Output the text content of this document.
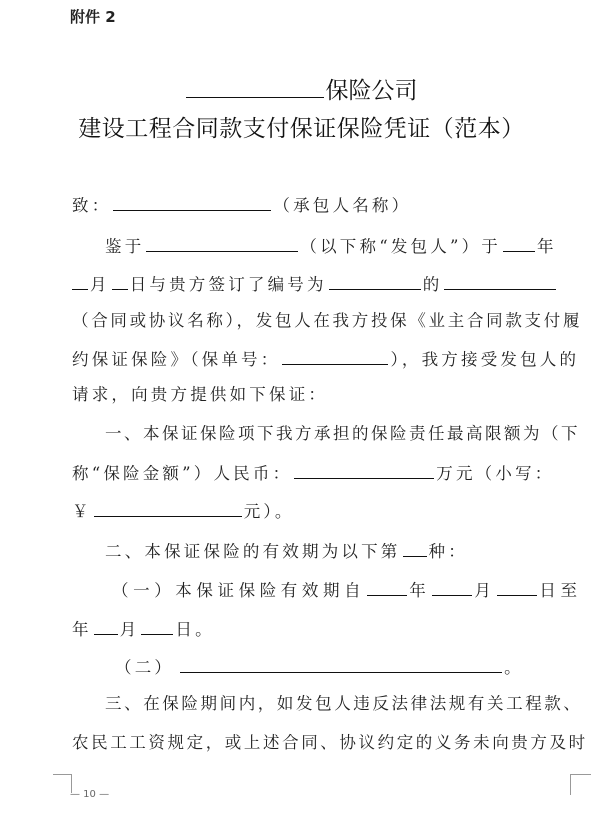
附件 2
保险公司
建设工程合同款支付保证保险凭证（范本）
致：	（承包人名称）
鉴于	（以下称“发包人”）于 年
月 日与贵方签订了编号为	的
（合同或协议名称），发包人在我方投保《业主合同款支付履
约保证保险》（保单号：	），我方接受发包人的
请求，向贵方提供如下保证：
一、本保证保险项下我方承担的保险责任最高限额为（下
称“保险金额”）人民币：	万元（小写：
￥	元）。
二、本保证保险的有效期为以下第 种：
（一）本保证保险有效期自	年	月	日至
年 月 日。
（二）	。
三、在保险期间内，如发包人违反法律法规有关工程款、
农民工工资规定，或上述合同、协议约定的义务未向贵方及时
— 10 —
